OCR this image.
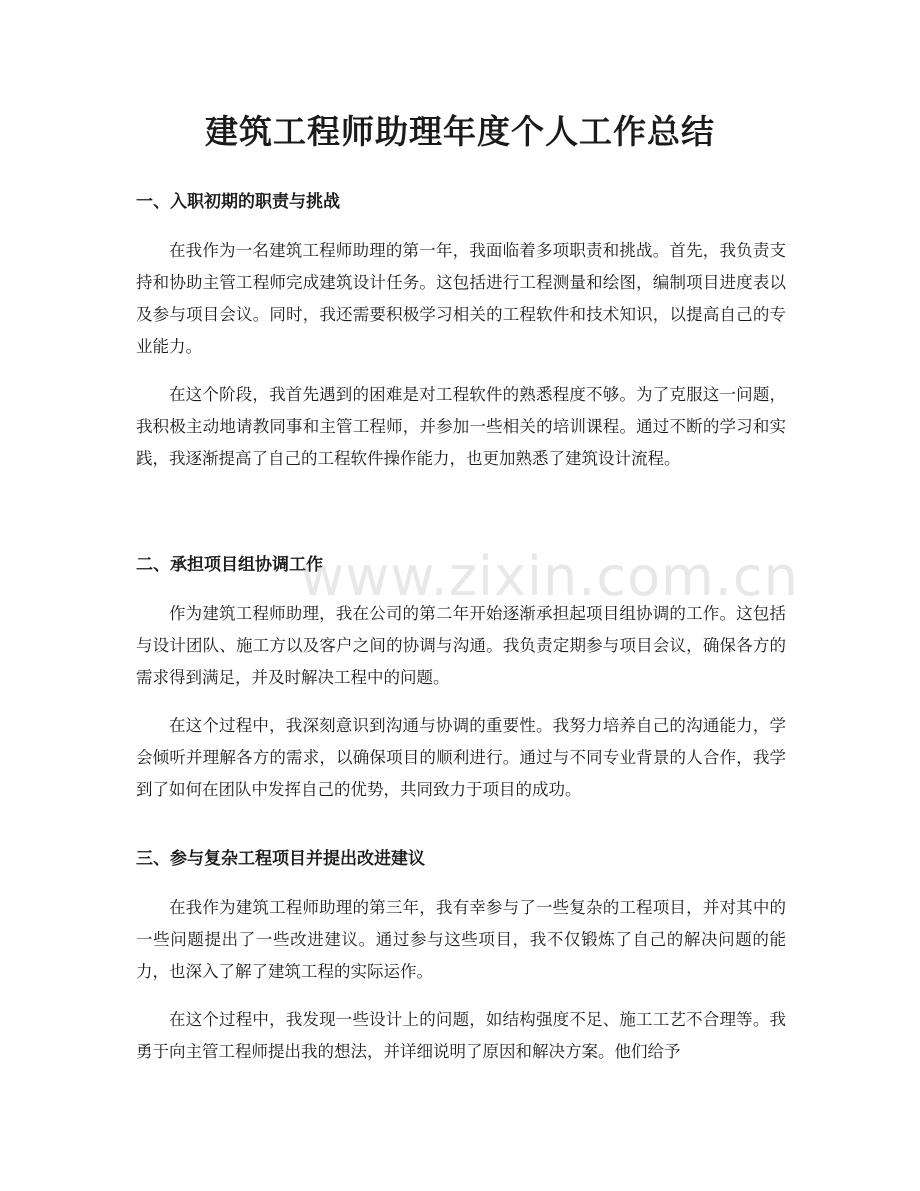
建筑工程师助理年度个人工作总结
一、入职初期的职责与挑战

在我作为一名建筑工程师助理的第一年，我面临着多项职责和挑战。首先，我负责支持和协助主管工程师完成建筑设计任务。这包括进行工程测量和绘图，编制项目进度表以及参与项目会议。同时，我还需要积极学习相关的工程软件和技术知识，以提高自己的专业能力。

在这个阶段，我首先遇到的困难是对工程软件的熟悉程度不够。为了克服这一问题，我积极主动地请教同事和主管工程师，并参加一些相关的培训课程。通过不断的学习和实践，我逐渐提高了自己的工程软件操作能力，也更加熟悉了建筑设计流程。

二、承担项目组协调工作

作为建筑工程师助理，我在公司的第二年开始逐渐承担起项目组协调的工作。这包括与设计团队、施工方以及客户之间的协调与沟通。我负责定期参与项目会议，确保各方的需求得到满足，并及时解决工程中的问题。

在这个过程中，我深刻意识到沟通与协调的重要性。我努力培养自己的沟通能力，学会倾听并理解各方的需求，以确保项目的顺利进行。通过与不同专业背景的人合作，我学到了如何在团队中发挥自己的优势，共同致力于项目的成功。

三、参与复杂工程项目并提出改进建议

在我作为建筑工程师助理的第三年，我有幸参与了一些复杂的工程项目，并对其中的一些问题提出了一些改进建议。通过参与这些项目，我不仅锻炼了自己的解决问题的能力，也深入了解了建筑工程的实际运作。

在这个过程中，我发现一些设计上的问题，如结构强度不足、施工工艺不合理等。我勇于向主管工程师提出我的想法，并详细说明了原因和解决方案。他们给予

www.zixin.com.cn
